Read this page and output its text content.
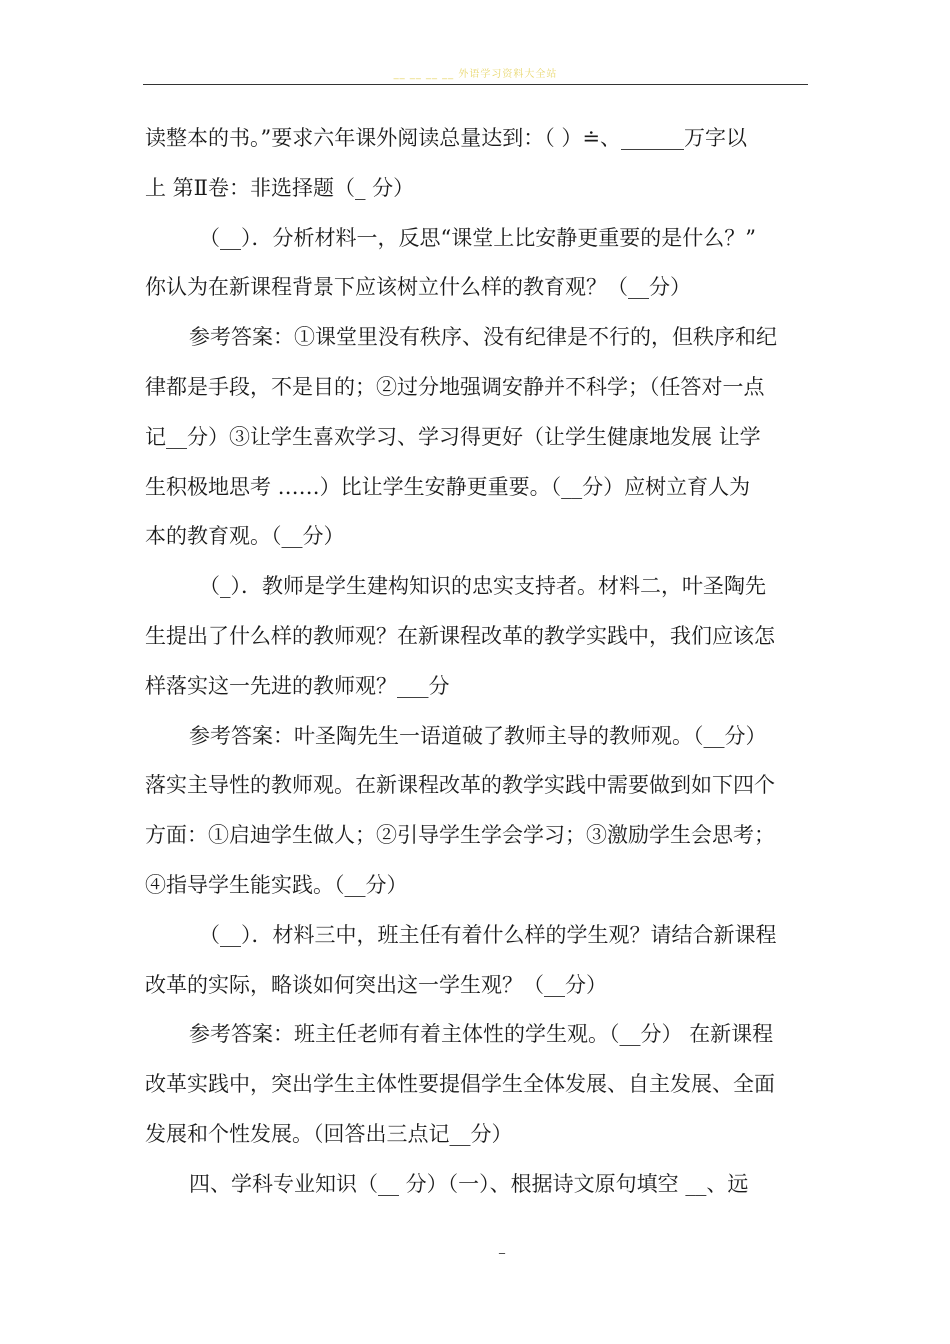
__ __ __ __ 外语学习资料大全站
读整本的书。”要求六年课外阅读总量达到：（ ）≐、______万字以
上 第Ⅱ卷：非选择题（_ 分）
（__）．分析材料一，反思“课堂上比安静更重要的是什么？”
你认为在新课程背景下应该树立什么样的教育观？（__分）
参考答案：①课堂里没有秩序、没有纪律是不行的，但秩序和纪
律都是手段，不是目的；②过分地强调安静并不科学；（任答对一点
记__分）③让学生喜欢学习、学习得更好（让学生健康地发展 让学
生积极地思考 ……）比让学生安静更重要。（__分）应树立育人为
本的教育观。（__分）
（_）．教师是学生建构知识的忠实支持者。材料二，叶圣陶先
生提出了什么样的教师观？在新课程改革的教学实践中，我们应该怎
样落实这一先进的教师观？___分
参考答案：叶圣陶先生一语道破了教师主导的教师观。（__分）
落实主导性的教师观。在新课程改革的教学实践中需要做到如下四个
方面：①启迪学生做人；②引导学生学会学习；③激励学生会思考；
④指导学生能实践。（__分）
（__）．材料三中，班主任有着什么样的学生观？请结合新课程
改革的实际，略谈如何突出这一学生观？（__分）
参考答案：班主任老师有着主体性的学生观。（__分） 在新课程
改革实践中，突出学生主体性要提倡学生全体发展、自主发展、全面
发展和个性发展。（回答出三点记__分）
四、学科专业知识（__ 分）（一）、根据诗文原句填空 __、远
_
